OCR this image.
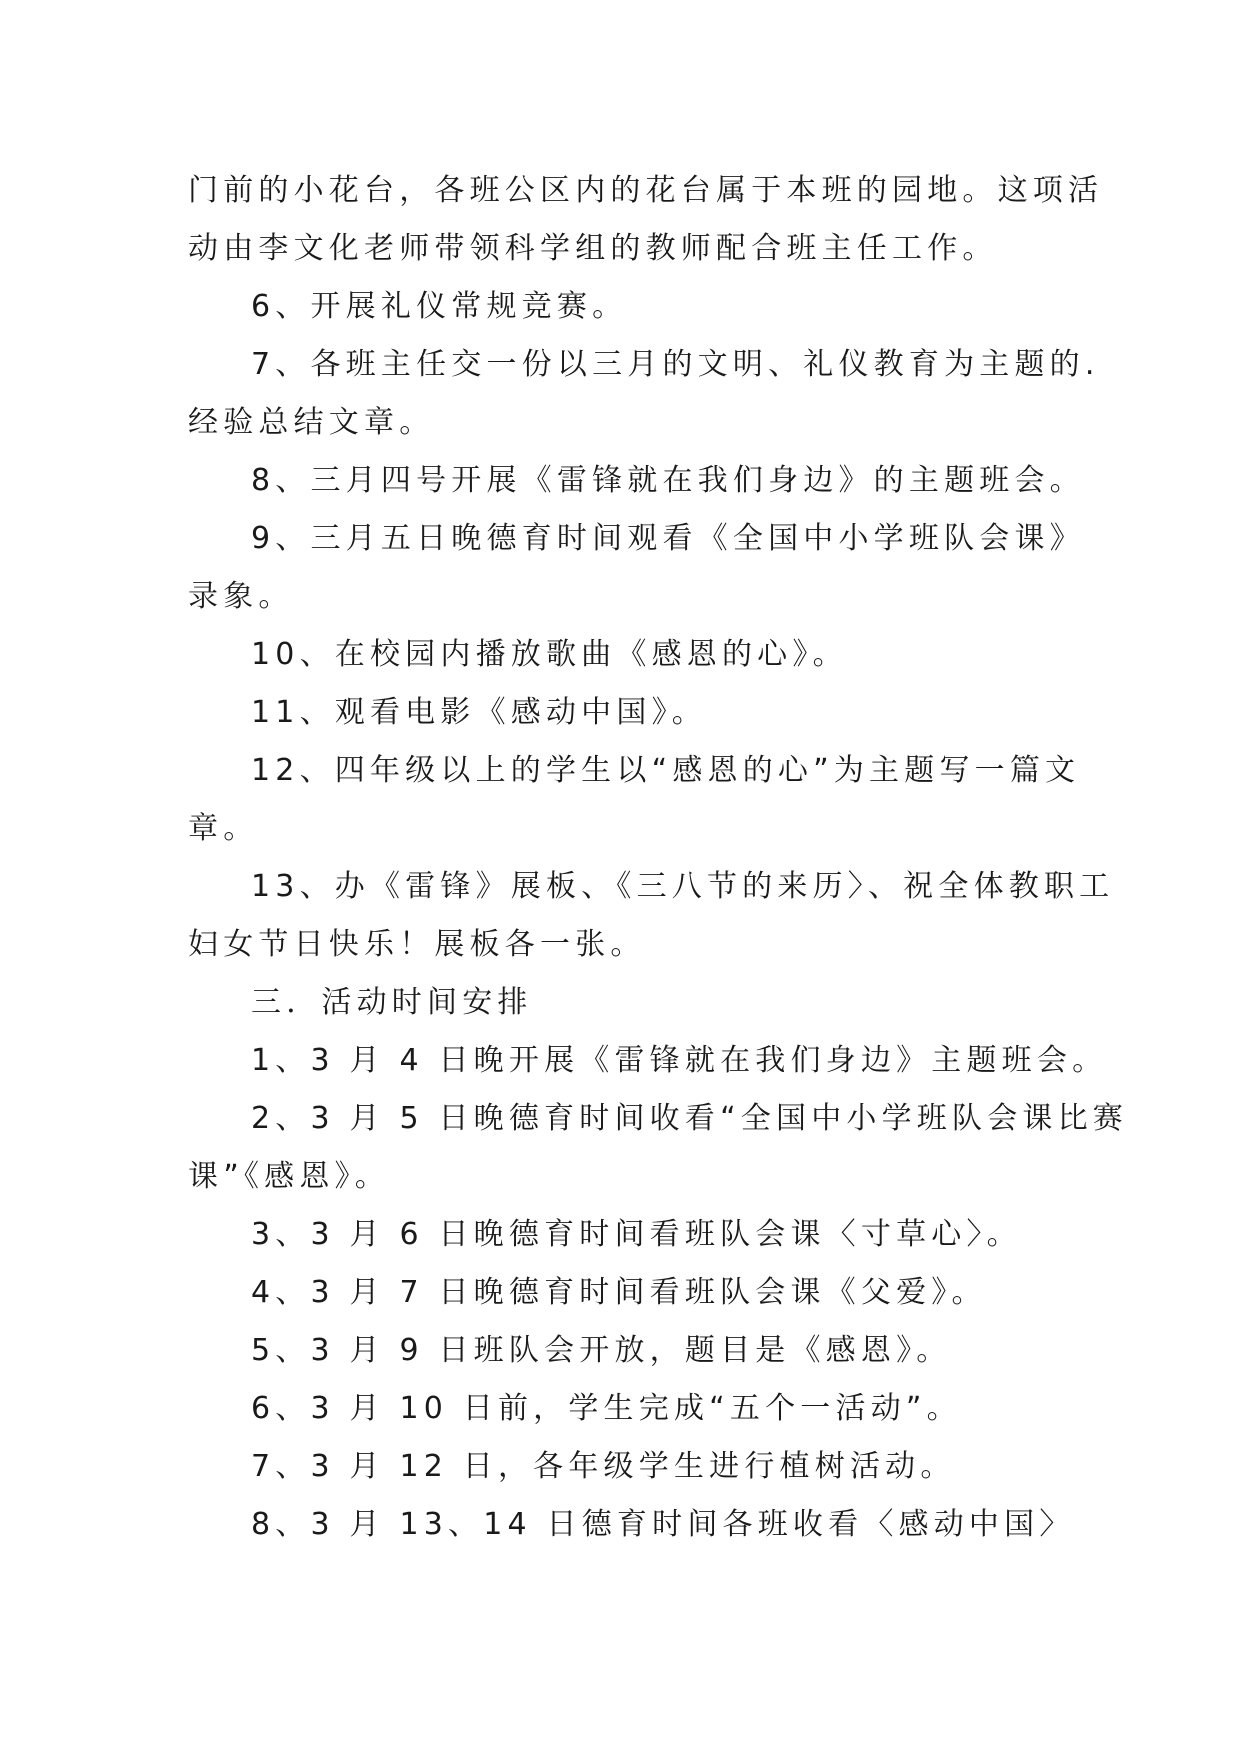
门前的小花台，各班公区内的花台属于本班的园地。这项活
动由李文化老师带领科学组的教师配合班主任工作。
6、开展礼仪常规竞赛。
7、各班主任交一份以三月的文明、礼仪教育为主题的.
经验总结文章。
8、三月四号开展《雷锋就在我们身边》的主题班会。
9、三月五日晚德育时间观看《全国中小学班队会课》
录象。
10、在校园内播放歌曲《感恩的心》。
11、观看电影《感动中国》。
12、四年级以上的学生以“感恩的心”为主题写一篇文
章。
13、办《雷锋》展板、《三八节的来历〉、祝全体教职工
妇女节日快乐！展板各一张。
三．活动时间安排
1、3 月 4 日晚开展《雷锋就在我们身边》主题班会。
2、3 月 5 日晚德育时间收看“全国中小学班队会课比赛
课”《感恩》。
3、3 月 6 日晚德育时间看班队会课〈寸草心〉。
4、3 月 7 日晚德育时间看班队会课《父爱》。
5、3 月 9 日班队会开放，题目是《感恩》。
6、3 月 10 日前，学生完成“五个一活动”。
7、3 月 12 日，各年级学生进行植树活动。
8、3 月 13、14 日德育时间各班收看〈感动中国〉
